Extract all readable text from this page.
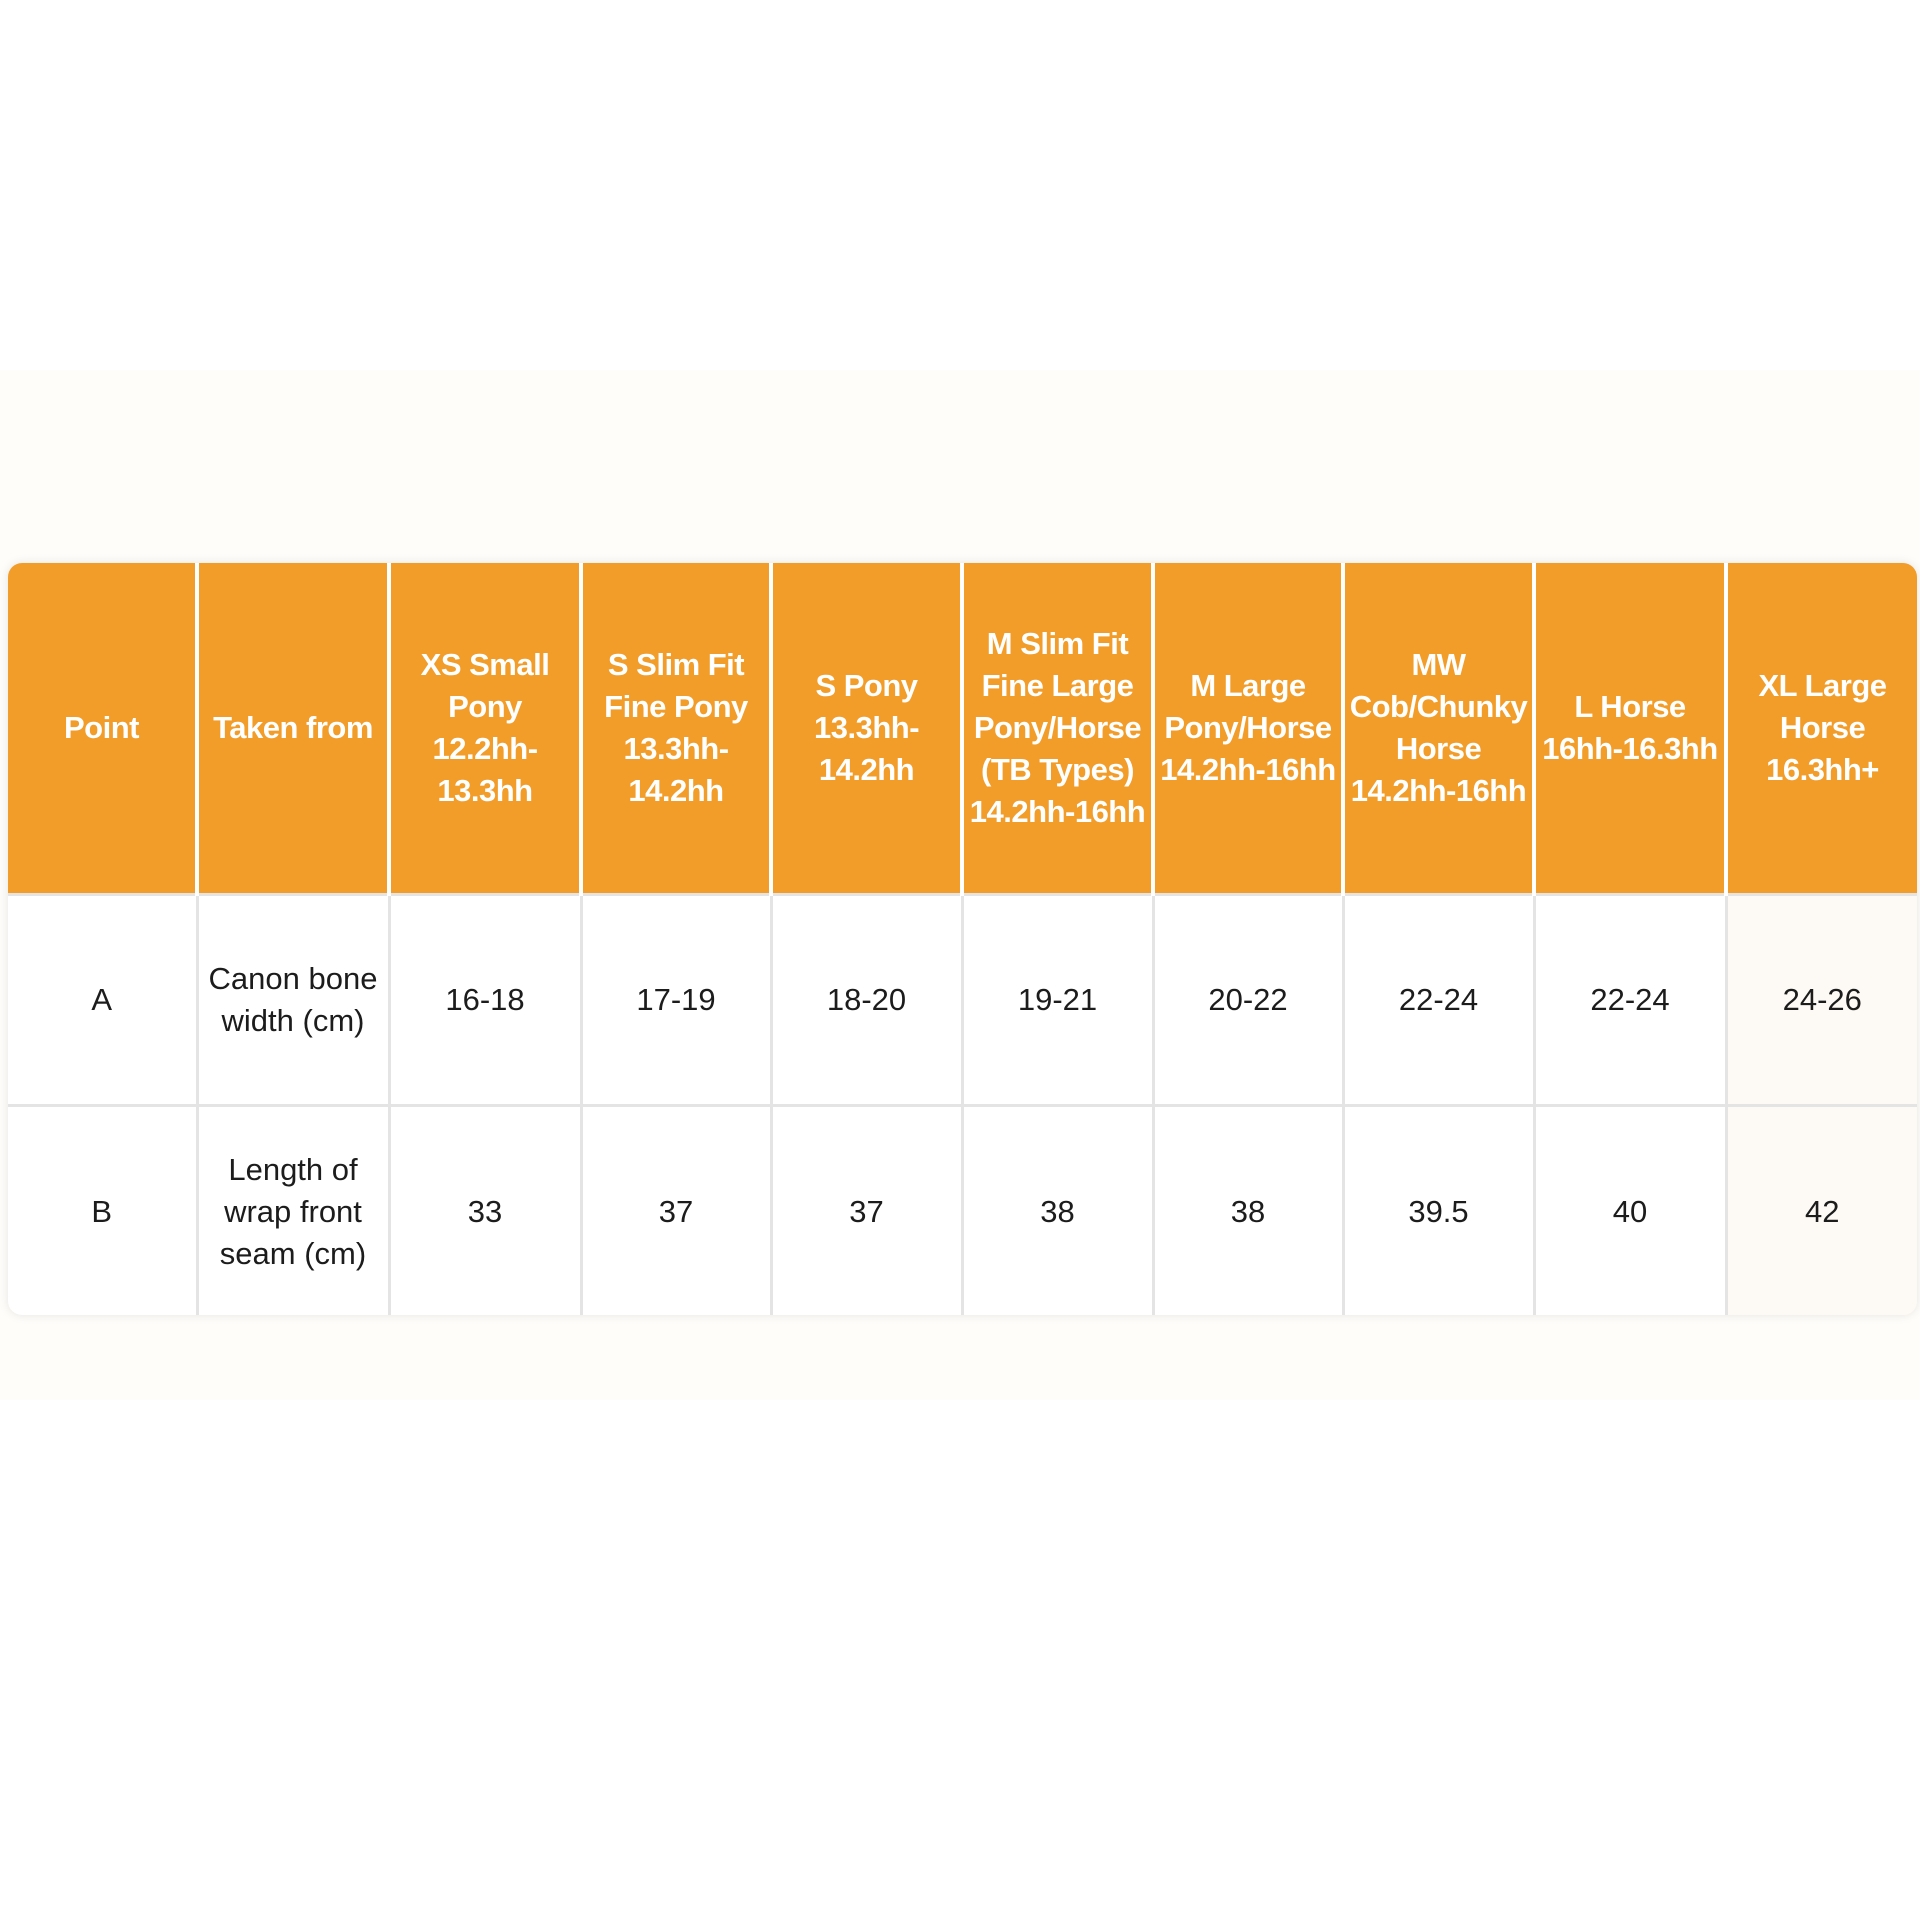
Point	Taken from	XS Small Pony 12.2hh-13.3hh	S Slim Fit Fine Pony 13.3hh-14.2hh	S Pony 13.3hh-14.2hh	M Slim Fit Fine Large Pony/Horse (TB Types) 14.2hh-16hh	M Large Pony/Horse 14.2hh-16hh	MW Cob/Chunky Horse 14.2hh-16hh	L Horse 16hh-16.3hh	XL Large Horse 16.3hh+
A	Canon bone width (cm)	16-18	17-19	18-20	19-21	20-22	22-24	22-24	24-26
B	Length of wrap front seam (cm)	33	37	37	38	38	39.5	40	42
